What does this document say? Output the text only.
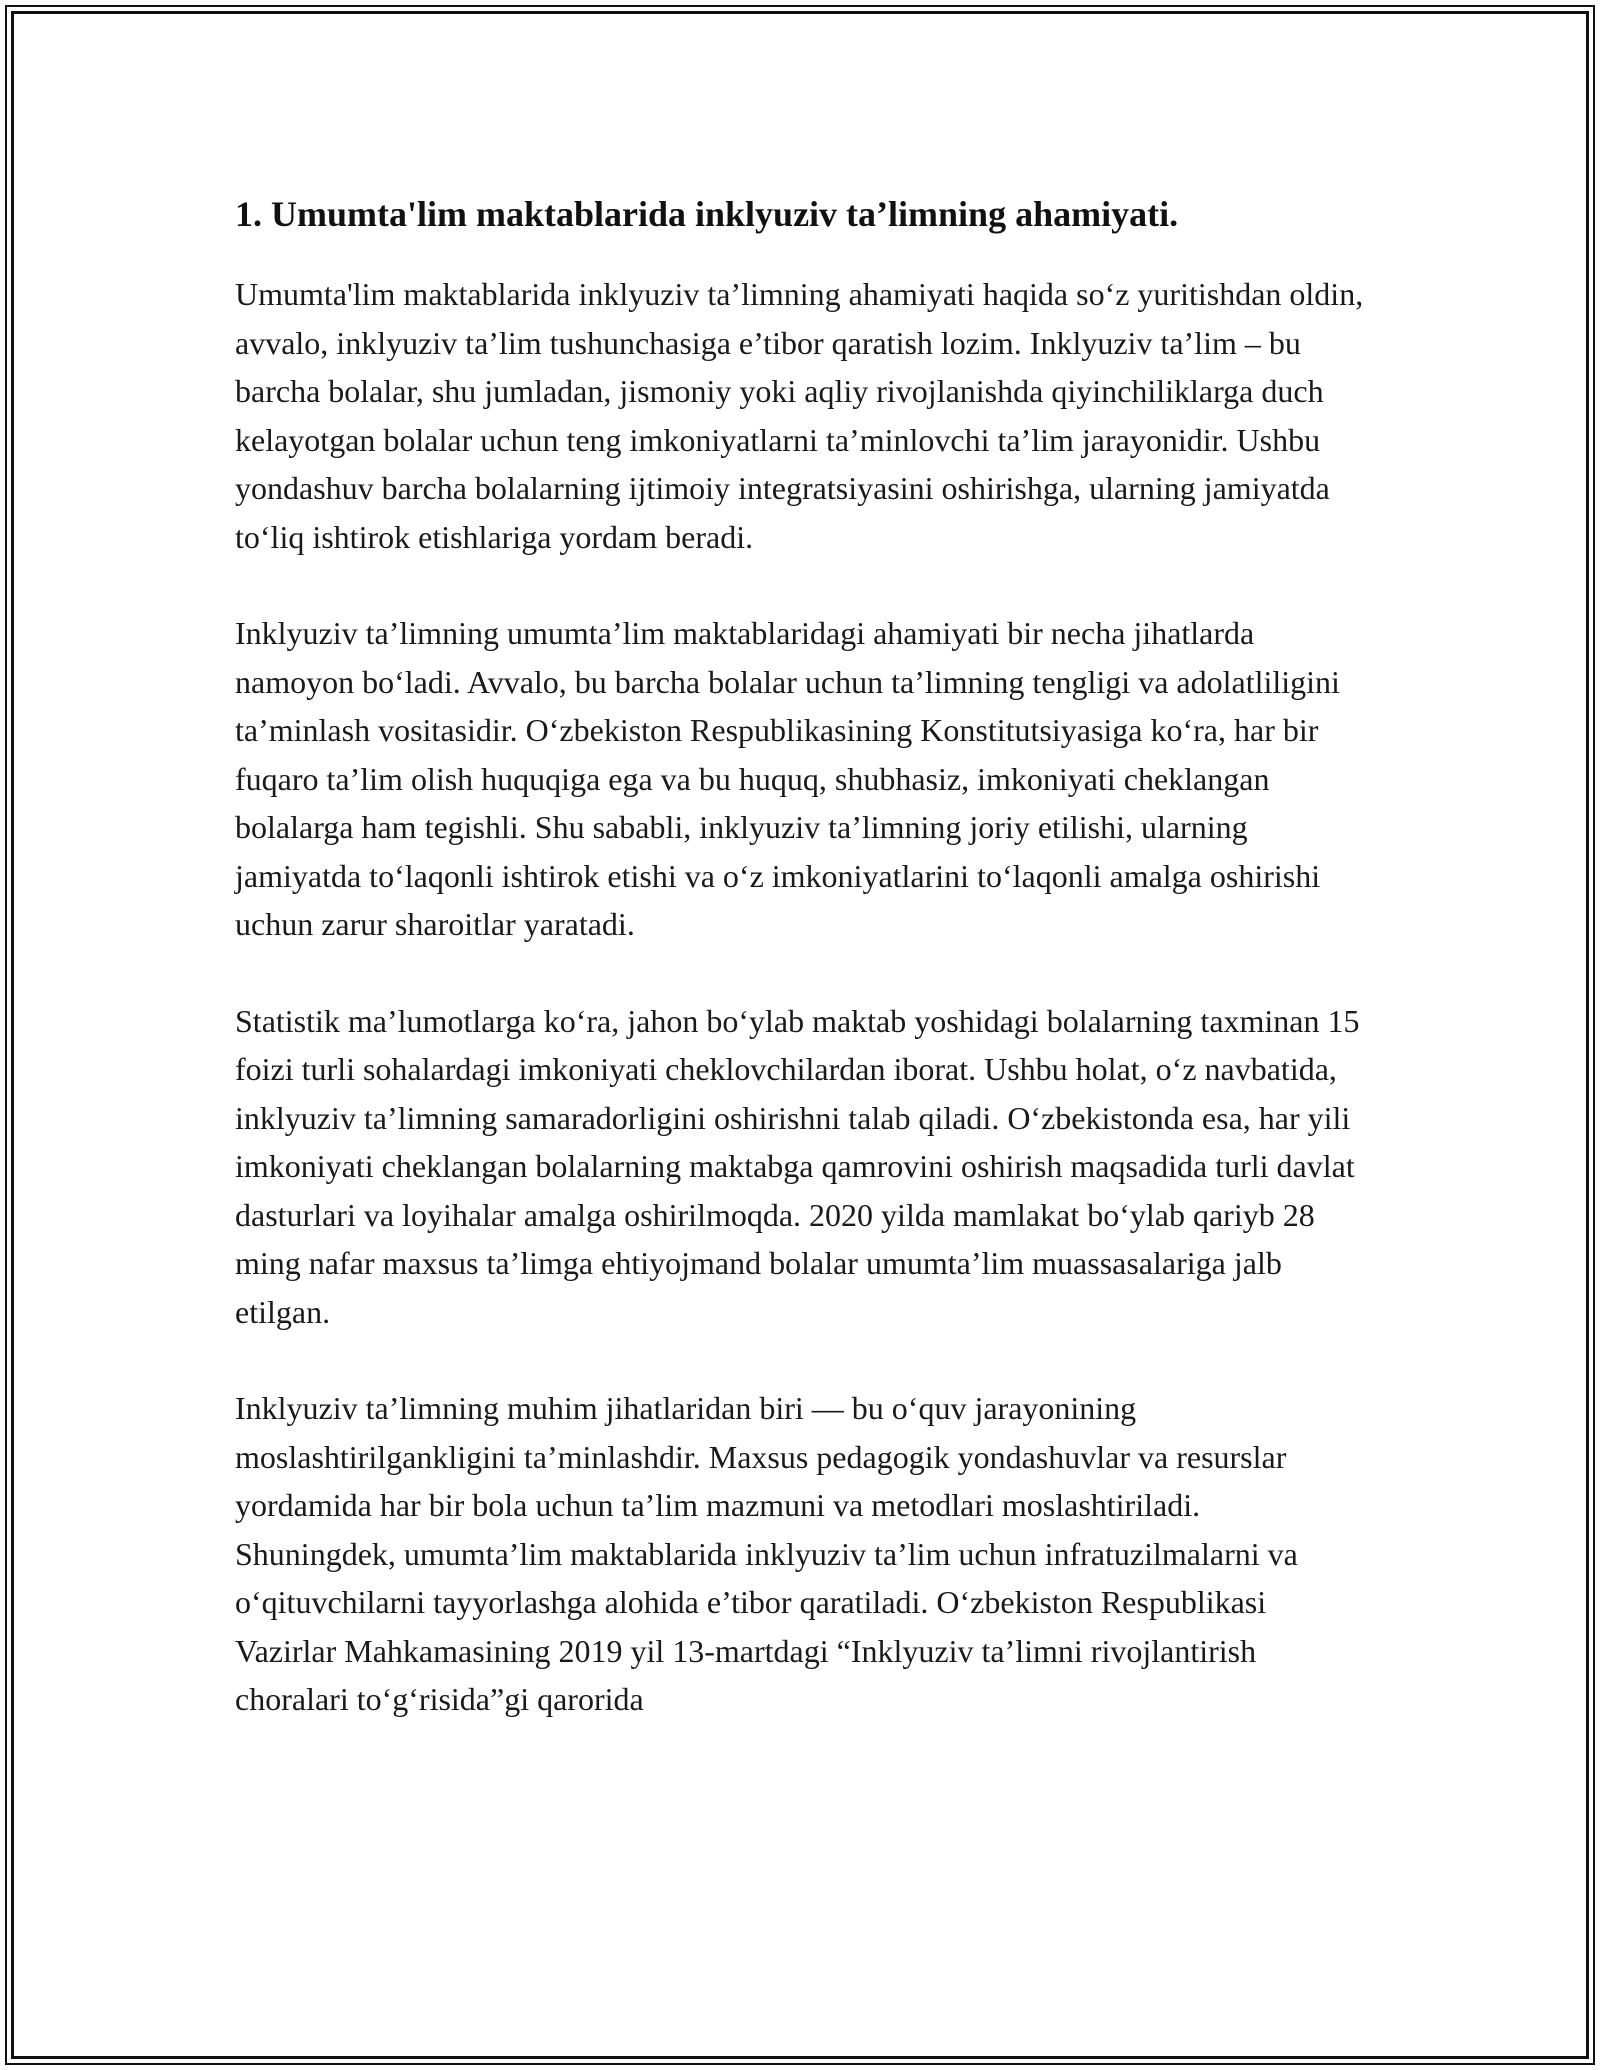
1. Umumta'lim maktablarida inklyuziv ta’limning ahamiyati.

Umumta'lim maktablarida inklyuziv ta’limning ahamiyati haqida so‘z yuritishdan oldin, avvalo, inklyuziv ta’lim tushunchasiga e’tibor qaratish lozim. Inklyuziv ta’lim – bu barcha bolalar, shu jumladan, jismoniy yoki aqliy rivojlanishda qiyinchiliklarga duch kelayotgan bolalar uchun teng imkoniyatlarni ta’minlovchi ta’lim jarayonidir. Ushbu yondashuv barcha bolalarning ijtimoiy integratsiyasini oshirishga, ularning jamiyatda to‘liq ishtirok etishlariga yordam beradi.

Inklyuziv ta’limning umumta’lim maktablaridagi ahamiyati bir necha jihatlarda namoyon bo‘ladi. Avvalo, bu barcha bolalar uchun ta’limning tengligi va adolatliligini ta’minlash vositasidir. O‘zbekiston Respublikasining Konstitutsiyasiga ko‘ra, har bir fuqaro ta’lim olish huquqiga ega va bu huquq, shubhasiz, imkoniyati cheklangan bolalarga ham tegishli. Shu sababli, inklyuziv ta’limning joriy etilishi, ularning jamiyatda to‘laqonli ishtirok etishi va o‘z imkoniyatlarini to‘laqonli amalga oshirishi uchun zarur sharoitlar yaratadi.

Statistik ma’lumotlarga ko‘ra, jahon bo‘ylab maktab yoshidagi bolalarning taxminan 15 foizi turli sohalardagi imkoniyati cheklovchilardan iborat. Ushbu holat, o‘z navbatida, inklyuziv ta’limning samaradorligini oshirishni talab qiladi. O‘zbekistonda esa, har yili imkoniyati cheklangan bolalarning maktabga qamrovini oshirish maqsadida turli davlat dasturlari va loyihalar amalga oshirilmoqda. 2020 yilda mamlakat bo‘ylab qariyb 28 ming nafar maxsus ta’limga ehtiyojmand bolalar umumta’lim muassasalariga jalb etilgan.

Inklyuziv ta’limning muhim jihatlaridan biri — bu o‘quv jarayonining moslashtirilgankligini ta’minlashdir. Maxsus pedagogik yondashuvlar va resurslar yordamida har bir bola uchun ta’lim mazmuni va metodlari moslashtiriladi. Shuningdek, umumta’lim maktablarida inklyuziv ta’lim uchun infratuzilmalarni va o‘qituvchilarni tayyorlashga alohida e’tibor qaratiladi. O‘zbekiston Respublikasi Vazirlar Mahkamasining 2019 yil 13-martdagi “Inklyuziv ta’limni rivojlantirish choralari to‘g‘risida”gi qarorida
